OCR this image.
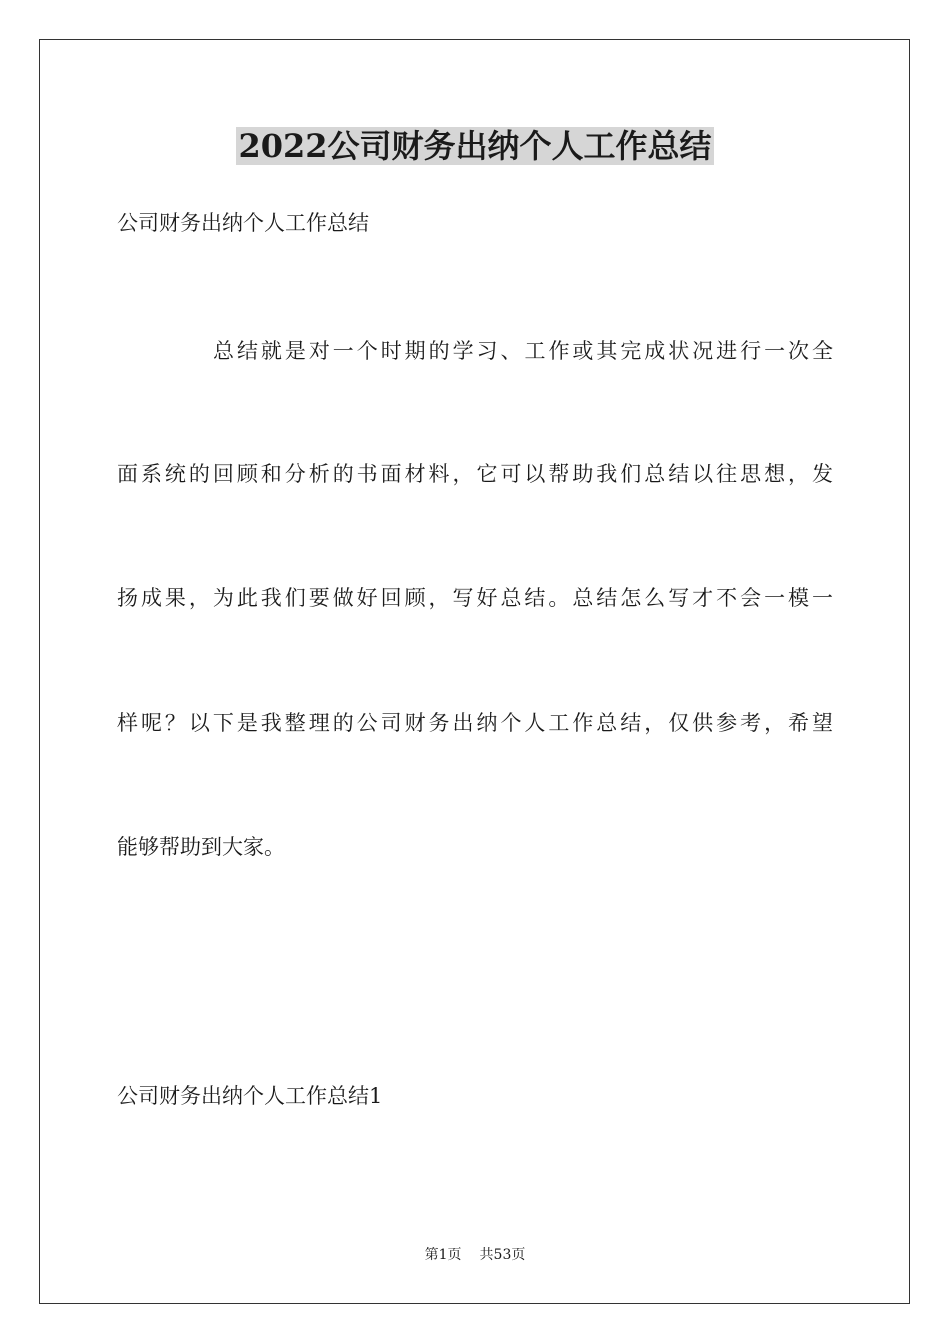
2022公司财务出纳个人工作总结
公司财务出纳个人工作总结
总结就是对一个时期的学习、工作或其完成状况进行一次全
面系统的回顾和分析的书面材料，它可以帮助我们总结以往思想，发
扬成果，为此我们要做好回顾，写好总结。总结怎么写才不会一模一
样呢？以下是我整理的公司财务出纳个人工作总结，仅供参考，希望
能够帮助到大家。
公司财务出纳个人工作总结1
第1页 共53页
